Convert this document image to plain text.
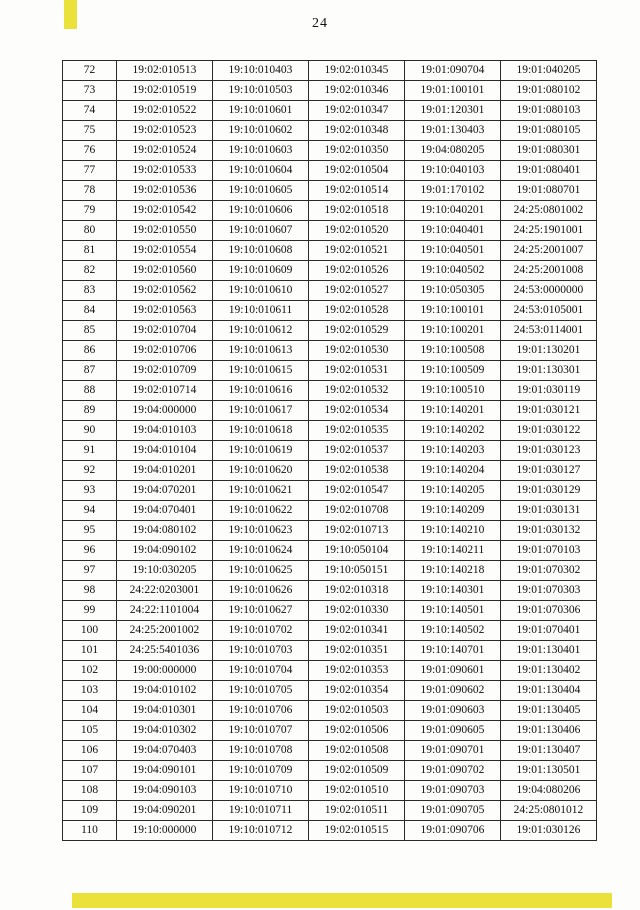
24
72	19:02:010513	19:10:010403	19:02:010345	19:01:090704	19:01:040205
73	19:02:010519	19:10:010503	19:02:010346	19:01:100101	19:01:080102
74	19:02:010522	19:10:010601	19:02:010347	19:01:120301	19:01:080103
75	19:02:010523	19:10:010602	19:02:010348	19:01:130403	19:01:080105
76	19:02:010524	19:10:010603	19:02:010350	19:04:080205	19:01:080301
77	19:02:010533	19:10:010604	19:02:010504	19:10:040103	19:01:080401
78	19:02:010536	19:10:010605	19:02:010514	19:01:170102	19:01:080701
79	19:02:010542	19:10:010606	19:02:010518	19:10:040201	24:25:0801002
80	19:02:010550	19:10:010607	19:02:010520	19:10:040401	24:25:1901001
81	19:02:010554	19:10:010608	19:02:010521	19:10:040501	24:25:2001007
82	19:02:010560	19:10:010609	19:02:010526	19:10:040502	24:25:2001008
83	19:02:010562	19:10:010610	19:02:010527	19:10:050305	24:53:0000000
84	19:02:010563	19:10:010611	19:02:010528	19:10:100101	24:53:0105001
85	19:02:010704	19:10:010612	19:02:010529	19:10:100201	24:53:0114001
86	19:02:010706	19:10:010613	19:02:010530	19:10:100508	19:01:130201
87	19:02:010709	19:10:010615	19:02:010531	19:10:100509	19:01:130301
88	19:02:010714	19:10:010616	19:02:010532	19:10:100510	19:01:030119
89	19:04:000000	19:10:010617	19:02:010534	19:10:140201	19:01:030121
90	19:04:010103	19:10:010618	19:02:010535	19:10:140202	19:01:030122
91	19:04:010104	19:10:010619	19:02:010537	19:10:140203	19:01:030123
92	19:04:010201	19:10:010620	19:02:010538	19:10:140204	19:01:030127
93	19:04:070201	19:10:010621	19:02:010547	19:10:140205	19:01:030129
94	19:04:070401	19:10:010622	19:02:010708	19:10:140209	19:01:030131
95	19:04:080102	19:10:010623	19:02:010713	19:10:140210	19:01:030132
96	19:04:090102	19:10:010624	19:10:050104	19:10:140211	19:01:070103
97	19:10:030205	19:10:010625	19:10:050151	19:10:140218	19:01:070302
98	24:22:0203001	19:10:010626	19:02:010318	19:10:140301	19:01:070303
99	24:22:1101004	19:10:010627	19:02:010330	19:10:140501	19:01:070306
100	24:25:2001002	19:10:010702	19:02:010341	19:10:140502	19:01:070401
101	24:25:5401036	19:10:010703	19:02:010351	19:10:140701	19:01:130401
102	19:00:000000	19:10:010704	19:02:010353	19:01:090601	19:01:130402
103	19:04:010102	19:10:010705	19:02:010354	19:01:090602	19:01:130404
104	19:04:010301	19:10:010706	19:02:010503	19:01:090603	19:01:130405
105	19:04:010302	19:10:010707	19:02:010506	19:01:090605	19:01:130406
106	19:04:070403	19:10:010708	19:02:010508	19:01:090701	19:01:130407
107	19:04:090101	19:10:010709	19:02:010509	19:01:090702	19:01:130501
108	19:04:090103	19:10:010710	19:02:010510	19:01:090703	19:04:080206
109	19:04:090201	19:10:010711	19:02:010511	19:01:090705	24:25:0801012
110	19:10:000000	19:10:010712	19:02:010515	19:01:090706	19:01:030126
